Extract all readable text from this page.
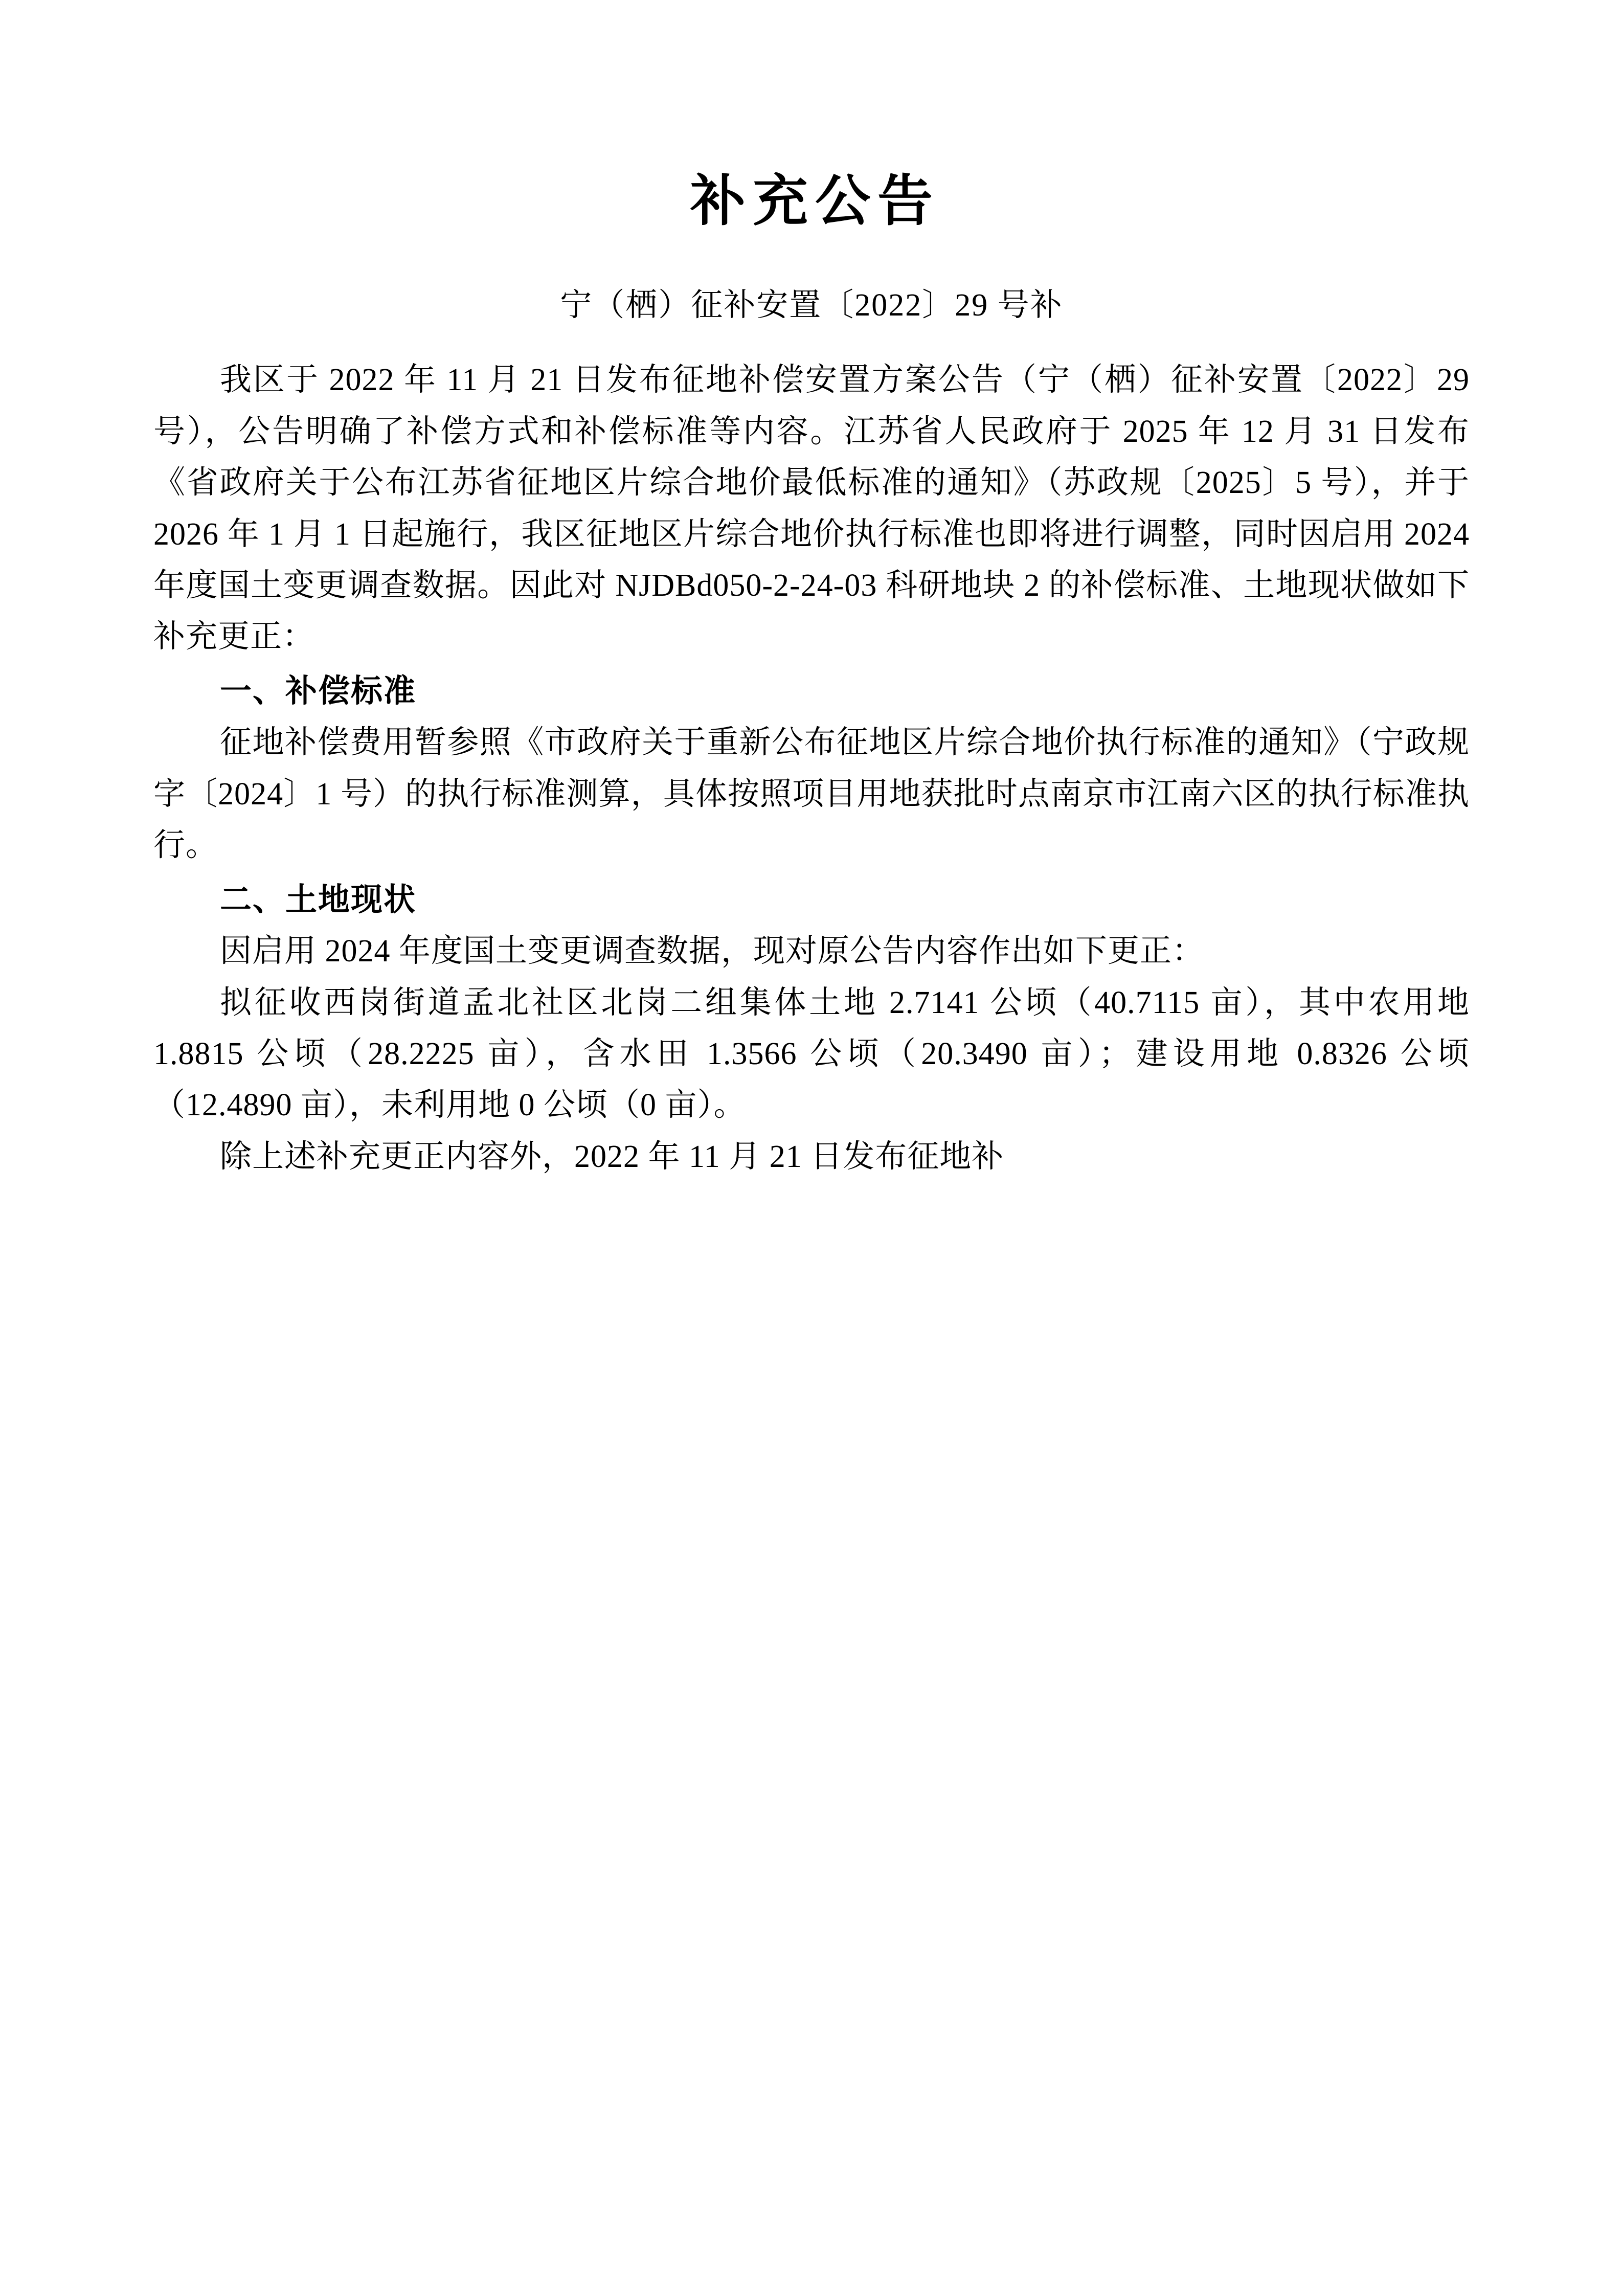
补充公告
宁（栖）征补安置〔2022〕29 号补

我区于 2022 年 11 月 21 日发布征地补偿安置方案公告（宁（栖）征补安置〔2022〕29 号），公告明确了补偿方式和补偿标准等内容。江苏省人民政府于 2025 年 12 月 31 日发布《省政府关于公布江苏省征地区片综合地价最低标准的通知》（苏政规〔2025〕5 号），并于 2026 年 1 月 1 日起施行，我区征地区片综合地价执行标准也即将进行调整，同时因启用 2024 年度国土变更调查数据。因此对 NJDBd050-2-24-03 科研地块 2 的补偿标准、土地现状做如下补充更正：

一、补偿标准

征地补偿费用暂参照《市政府关于重新公布征地区片综合地价执行标准的通知》（宁政规字〔2024〕1 号）的执行标准测算，具体按照项目用地获批时点南京市江南六区的执行标准执行。

二、土地现状

因启用 2024 年度国土变更调查数据，现对原公告内容作出如下更正：

拟征收西岗街道孟北社区北岗二组集体土地 2.7141 公顷（40.7115 亩），其中农用地 1.8815 公顷（28.2225 亩），含水田 1.3566 公顷（20.3490 亩）；建设用地 0.8326 公顷（12.4890 亩），未利用地 0 公顷（0 亩）。

除上述补充更正内容外，2022 年 11 月 21 日发布征地补
